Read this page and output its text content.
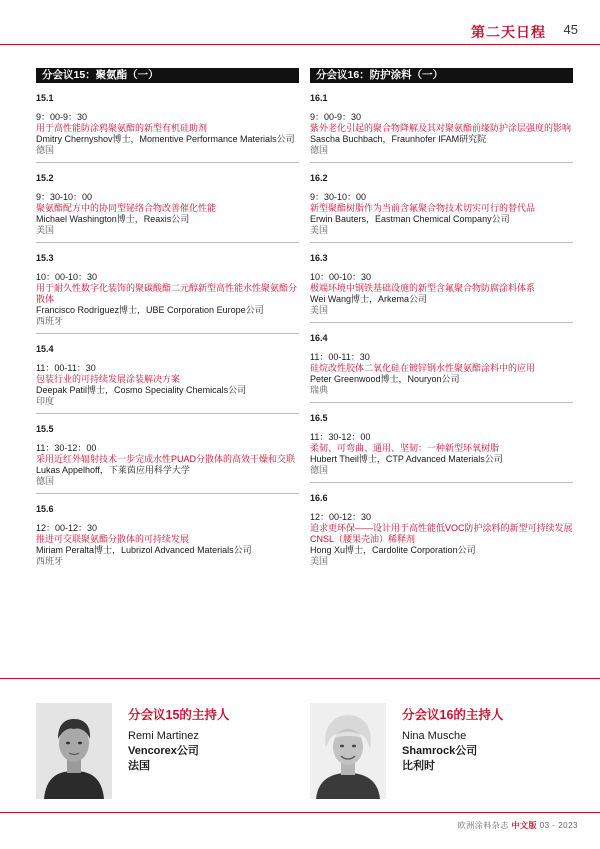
第二天日程 45
分会议15：聚氨酯（一）
15.1
9：00-9：30
用于高性能防涂鸦聚氨酯的新型有机硅助剂
Dmitry Chernyshov博士，Momentive Performance Materials公司
德国
15.2
9：30-10：00
聚氨酯配方中的协同型铋络合物改善催化性能
Michael Washington博士，Reaxis公司
美国
15.3
10：00-10：30
用于耐久性数字化装饰的聚碳酸酯二元醇新型高性能水性聚氨酯分散体
Francisco Rodríguez博士，UBE Corporation Europe公司
西班牙
15.4
11：00-11：30
包装行业的可持续发展涂装解决方案
Deepak Patil博士，Cosmo Speciality Chemicals公司
印度
15.5
11：30-12：00
采用近红外辐射技术一步完成水性PUAD分散体的高效干燥和交联
Lukas Appelhoff，下莱茵应用科学大学
德国
15.6
12：00-12：30
推进可交联聚氨酯分散体的可持续发展
Miriam Peralta博士，Lubrizol Advanced Materials公司
西班牙
分会议16：防护涂料（一）
16.1
9：00-9：30
紫外老化引起的聚合物降解及其对聚氨酯前缘防护涂层强度的影响
Sascha Buchbach，Fraunhofer IFAM研究院
德国
16.2
9：30-10：00
新型聚酯树脂作为当前含氟聚合物技术切实可行的替代品
Erwin Bauters，Eastman Chemical Company公司
美国
16.3
10：00-10：30
极端环境中钢铁基础设施的新型含氟聚合物防腐涂料体系
Wei Wang博士，Arkema公司
美国
16.4
11：00-11：30
硅烷改性胶体二氧化硅在镀锌钢水性聚氨酯涂料中的应用
Peter Greenwood博士，Nouryon公司
瑞典
16.5
11：30-12：00
柔韧、可弯曲、通用、坚韧：一种新型环氧树脂
Hubert Theil博士，CTP Advanced Materials公司
德国
16.6
12：00-12：30
追求更环保——设计用于高性能低VOC防护涂料的新型可持续发展CNSL（腰果壳油）稀释剂
Hong Xu博士，Cardolite Corporation公司
美国
分会议15的主持人
Remi Martinez
Vencorex公司
法国
分会议16的主持人
Nina Musche
Shamrock公司
比利时
欧洲涂料杂志 中文版 03 - 2023
